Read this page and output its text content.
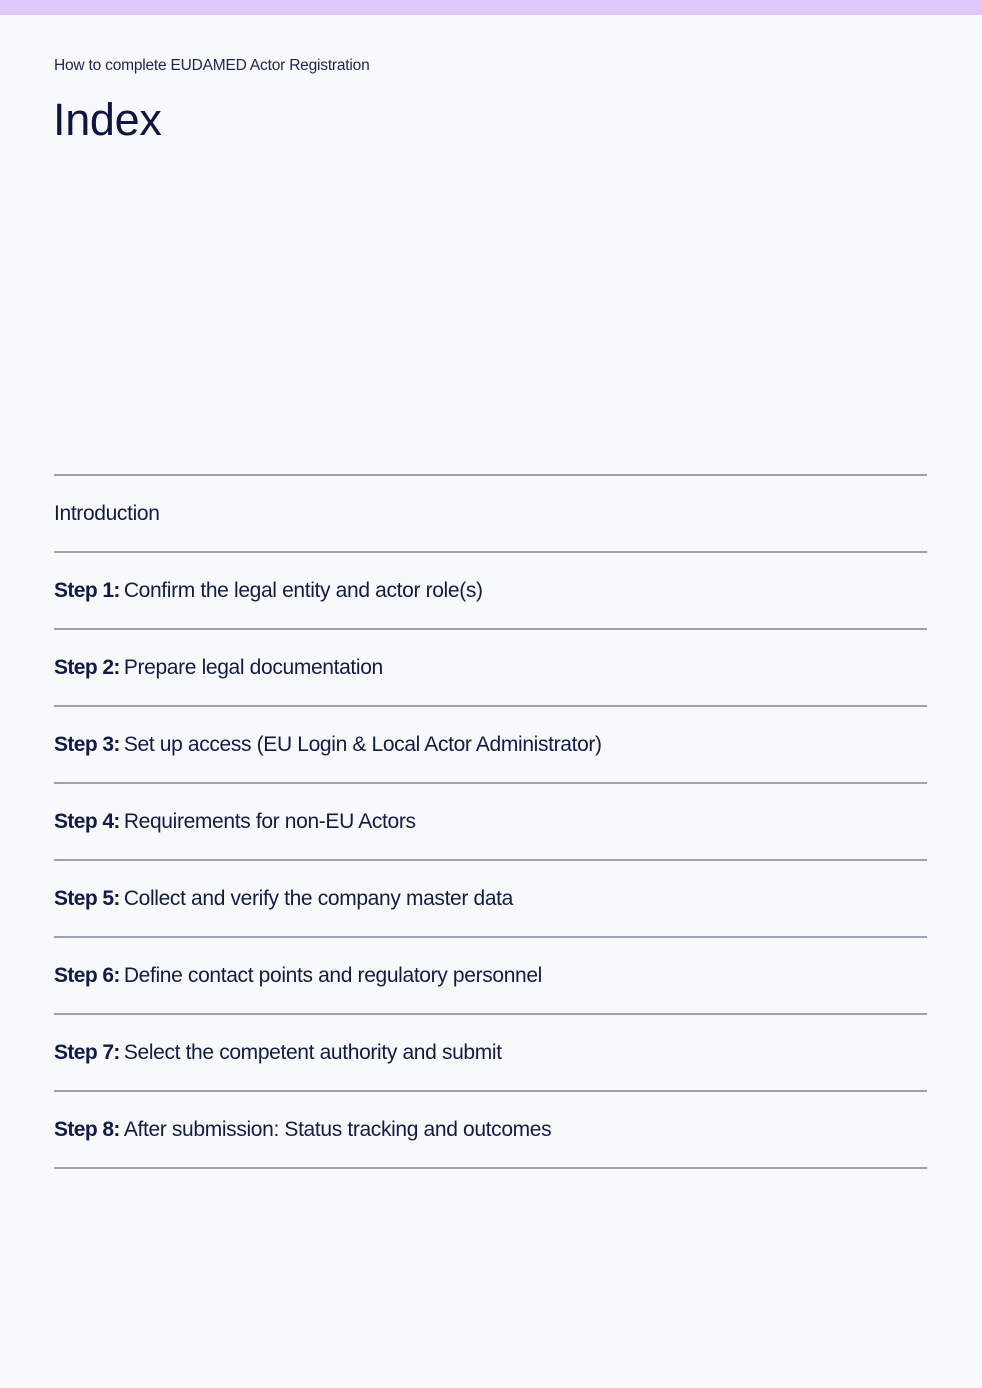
How to complete EUDAMED Actor Registration
Index
Introduction
Step 1: Confirm the legal entity and actor role(s)
Step 2: Prepare legal documentation
Step 3: Set up access (EU Login & Local Actor Administrator)
Step 4: Requirements for non-EU Actors
Step 5: Collect and verify the company master data
Step 6: Define contact points and regulatory personnel
Step 7: Select the competent authority and submit
Step 8: After submission: Status tracking and outcomes
